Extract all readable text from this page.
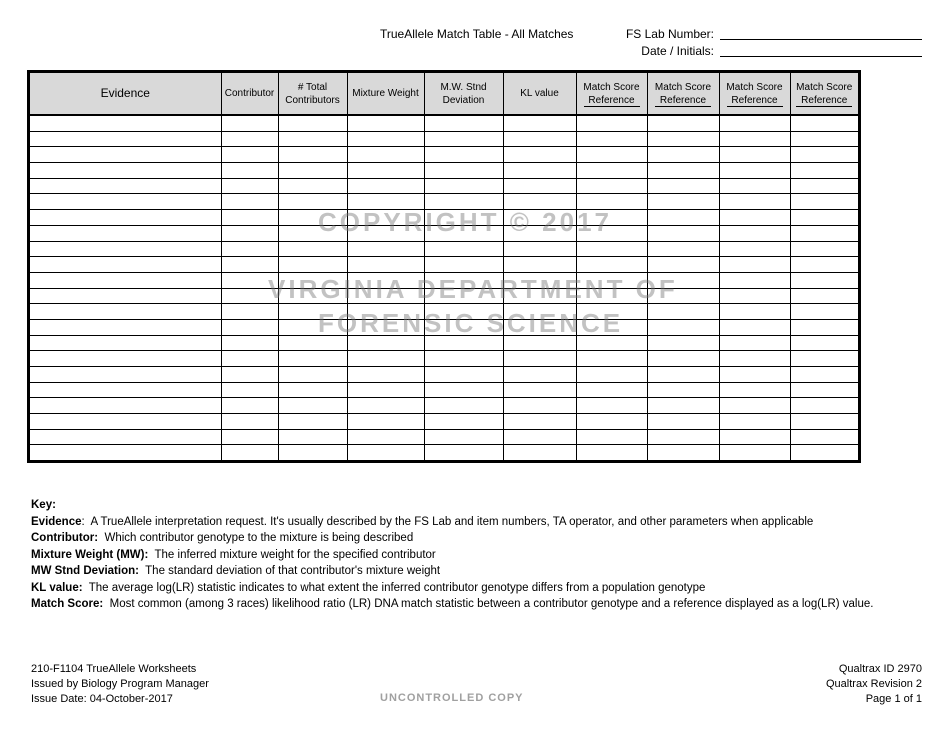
TrueAllele Match Table - All Matches	FS Lab Number:
Date / Initials:
Evidence	Contributor	# Total Contributors	Mixture Weight	M.W. Stnd Deviation	KL value	Match Score Reference	Match Score Reference	Match Score Reference	Match Score Reference

COPYRIGHT © 2017
VIRGINIA DEPARTMENT OF
FORENSIC SCIENCE
Key:
Evidence: A TrueAllele interpretation request. It's usually described by the FS Lab and item numbers, TA operator, and other parameters when applicable
Contributor: Which contributor genotype to the mixture is being described
Mixture Weight (MW): The inferred mixture weight for the specified contributor
MW Stnd Deviation: The standard deviation of that contributor's mixture weight
KL value: The average log(LR) statistic indicates to what extent the inferred contributor genotype differs from a population genotype
Match Score: Most common (among 3 races) likelihood ratio (LR) DNA match statistic between a contributor genotype and a reference displayed as a log(LR) value.
210-F1104 TrueAllele Worksheets
Issued by Biology Program Manager
Issue Date: 04-October-2017	UNCONTROLLED COPY
Qualtrax ID 2970
Qualtrax Revision 2
Page 1 of 1
